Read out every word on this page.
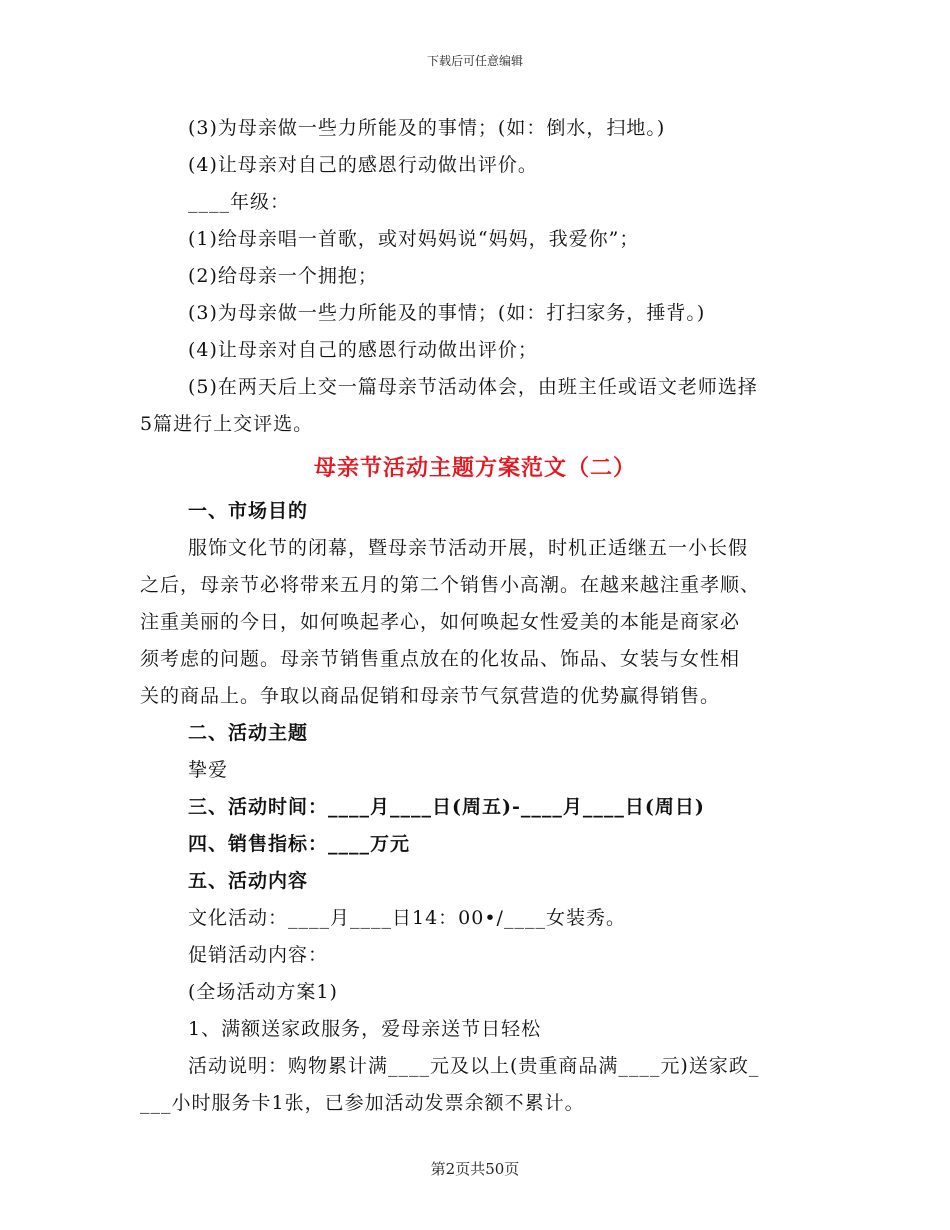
下载后可任意编辑
(3)为母亲做一些力所能及的事情；(如：倒水，扫地。)
(4)让母亲对自己的感恩行动做出评价。
____年级：
(1)给母亲唱一首歌，或对妈妈说“妈妈，我爱你”；
(2)给母亲一个拥抱；
(3)为母亲做一些力所能及的事情；(如：打扫家务，捶背。)
(4)让母亲对自己的感恩行动做出评价；
(5)在两天后上交一篇母亲节活动体会，由班主任或语文老师选择
5篇进行上交评选。
母亲节活动主题方案范文（二）
一、市场目的
服饰文化节的闭幕，暨母亲节活动开展，时机正适继五一小长假
之后，母亲节必将带来五月的第二个销售小高潮。在越来越注重孝顺、
注重美丽的今日，如何唤起孝心，如何唤起女性爱美的本能是商家必
须考虑的问题。母亲节销售重点放在的化妆品、饰品、女装与女性相
关的商品上。争取以商品促销和母亲节气氛营造的优势赢得销售。
二、活动主题
挚爱
三、活动时间：____月____日(周五)-____月____日(周日)
四、销售指标：____万元
五、活动内容
文化活动：____月____日14：00•/____女装秀。
促销活动内容：
(全场活动方案1)
1、满额送家政服务，爱母亲送节日轻松
活动说明：购物累计满____元及以上(贵重商品满____元)送家政_
___小时服务卡1张，已参加活动发票余额不累计。
第2页共50页
